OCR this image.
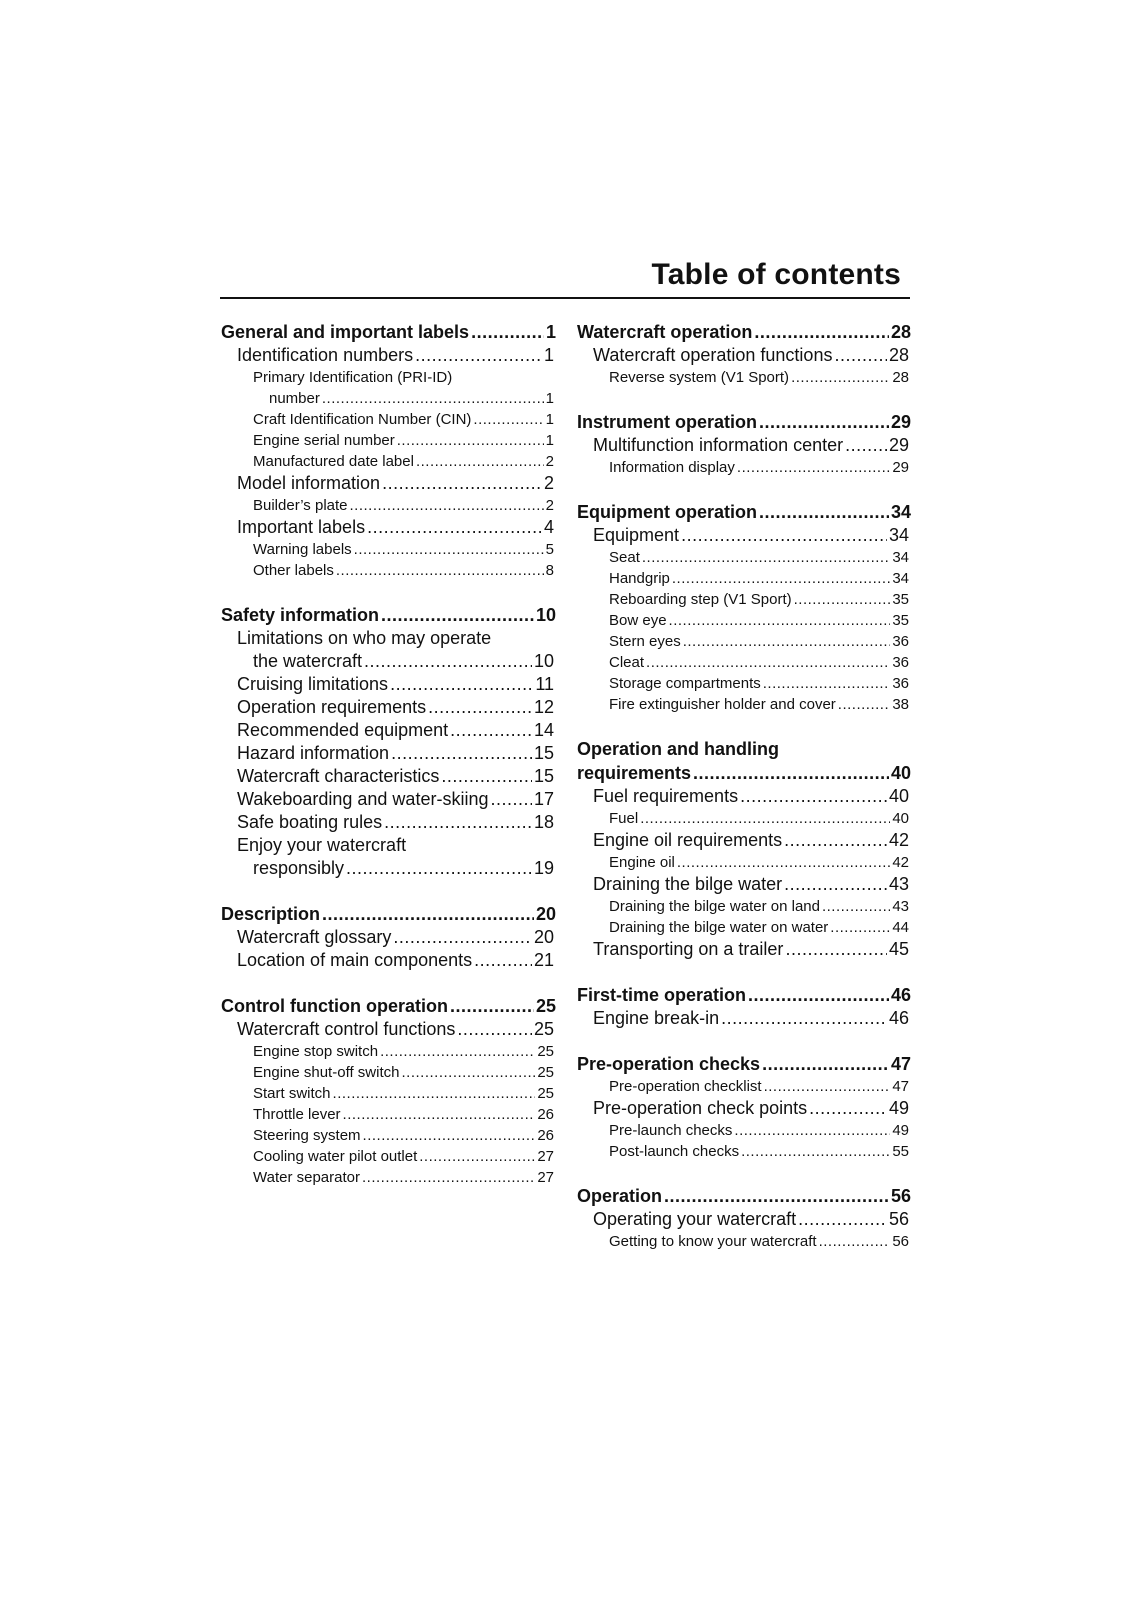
Table of contents
General and important labels .....	1
Identification numbers .....	1
Primary Identification (PRI-ID)
number .....	1
Craft Identification Number (CIN) .....	1
Engine serial number .....	1
Manufactured date label .....	2
Model information .....	2
Builder’s plate .....	2
Important labels .....	4
Warning labels .....	5
Other labels .....	8
Safety information .....	10
Limitations on who may operate
the watercraft .....	10
Cruising limitations .....	11
Operation requirements .....	12
Recommended equipment .....	14
Hazard information .....	15
Watercraft characteristics .....	15
Wakeboarding and water-skiing .....	17
Safe boating rules .....	18
Enjoy your watercraft
responsibly .....	19
Description .....	20
Watercraft glossary .....	20
Location of main components .....	21
Control function operation .....	25
Watercraft control functions .....	25
Engine stop switch .....	25
Engine shut-off switch .....	25
Start switch .....	25
Throttle lever .....	26
Steering system .....	26
Cooling water pilot outlet .....	27
Water separator .....	27
Watercraft operation .....	28
Watercraft operation functions .....	28
Reverse system (V1 Sport) .....	28
Instrument operation .....	29
Multifunction information center .....	29
Information display .....	29
Equipment operation .....	34
Equipment .....	34
Seat .....	34
Handgrip .....	34
Reboarding step (V1 Sport) .....	35
Bow eye .....	35
Stern eyes .....	36
Cleat .....	36
Storage compartments .....	36
Fire extinguisher holder and cover .....	38
Operation and handling
requirements .....	40
Fuel requirements .....	40
Fuel .....	40
Engine oil requirements .....	42
Engine oil .....	42
Draining the bilge water .....	43
Draining the bilge water on land .....	43
Draining the bilge water on water .....	44
Transporting on a trailer .....	45
First-time operation .....	46
Engine break-in .....	46
Pre-operation checks .....	47
Pre-operation checklist .....	47
Pre-operation check points .....	49
Pre-launch checks .....	49
Post-launch checks .....	55
Operation .....	56
Operating your watercraft .....	56
Getting to know your watercraft .....	56
